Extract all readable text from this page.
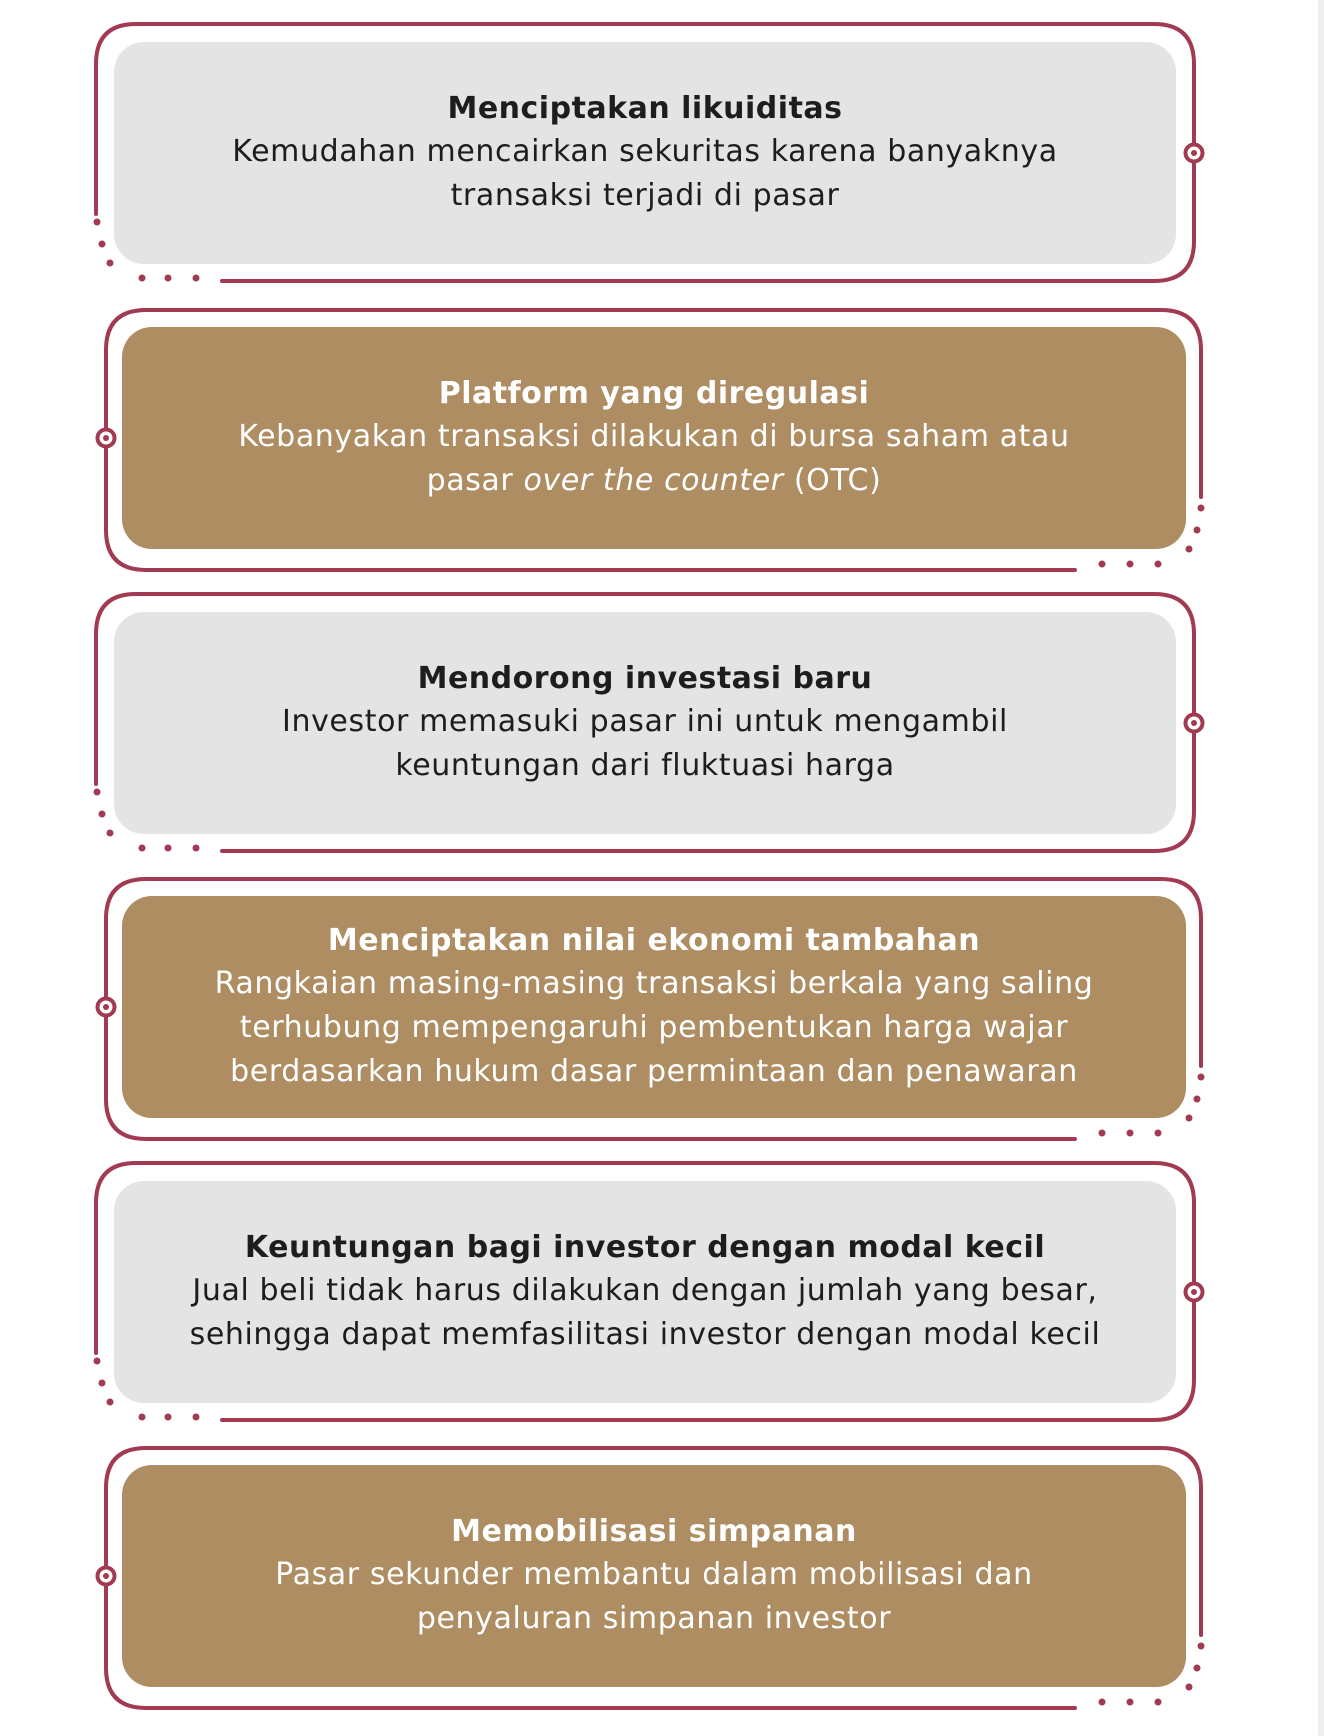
Menciptakan likuiditas
Kemudahan mencairkan sekuritas karena banyaknya
transaksi terjadi di pasar
Platform yang diregulasi
Kebanyakan transaksi dilakukan di bursa saham atau
pasar over the counter (OTC)
Mendorong investasi baru
Investor memasuki pasar ini untuk mengambil
keuntungan dari fluktuasi harga
Menciptakan nilai ekonomi tambahan
Rangkaian masing-masing transaksi berkala yang saling
terhubung mempengaruhi pembentukan harga wajar
berdasarkan hukum dasar permintaan dan penawaran
Keuntungan bagi investor dengan modal kecil
Jual beli tidak harus dilakukan dengan jumlah yang besar,
sehingga dapat memfasilitasi investor dengan modal kecil
Memobilisasi simpanan
Pasar sekunder membantu dalam mobilisasi dan
penyaluran simpanan investor
